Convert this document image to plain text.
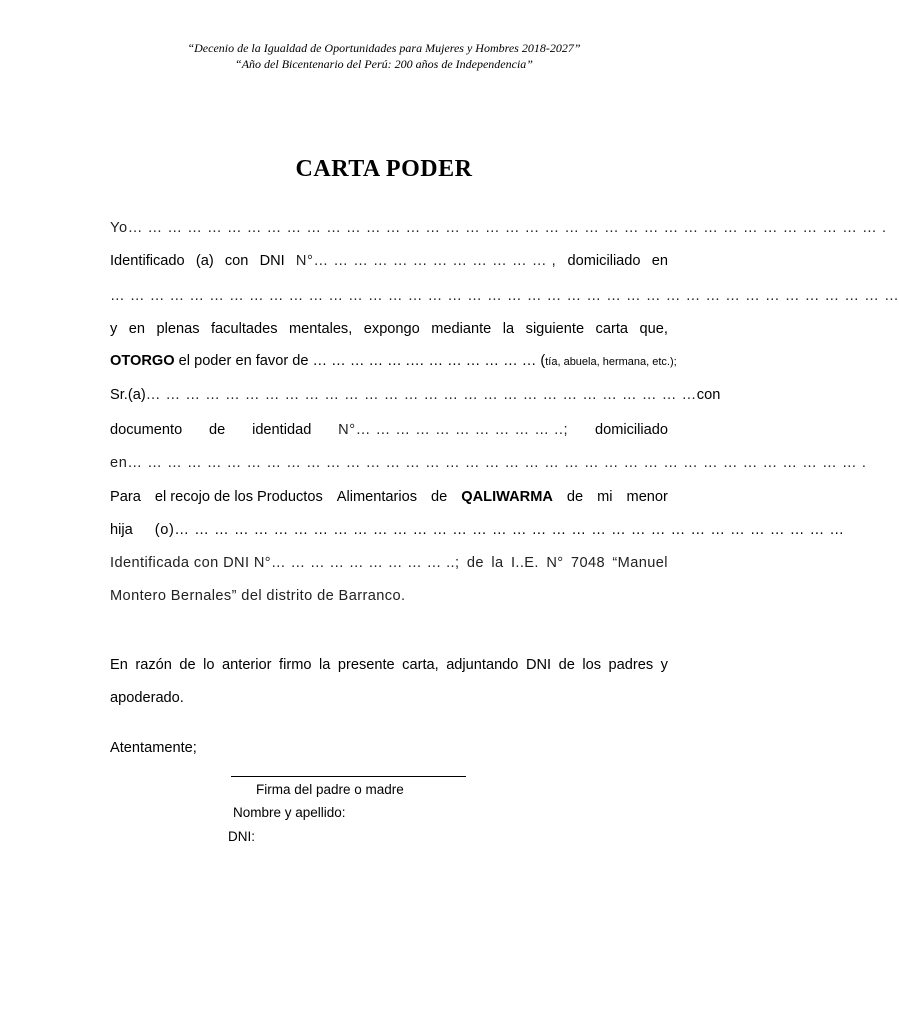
“Decenio de la Igualdad de Oportunidades para Mujeres y Hombres 2018-2027”
“Año del Bicentenario del Perú: 200 años de Independencia”
CARTA PODER
Yo… … … … … … … … … … … … … … … … … … … … … … … … … … … … … … … … … … … … … … .
Identificado (a) con DNI N°… … … … … … … … … … … … , domiciliado en
… … … … … … … … … … … … … … … … … … … … … … … … … … … … … … … … … … … … … … … …
y en plenas facultades mentales, expongo mediante la siguiente carta que,
OTORGO el poder en favor de … … … … … .… … … … … … … (tía, abuela, hermana, etc.);
Sr. (a) … … … … … … … … … … … … … … … … … … … … … … … … … … … … con
documento de identidad N°… … … … … … … … … … ..; domiciliado
en… … … … … … … … … … … … … … … … … … … … … … … … … … … … … … … … … … … … … .
Para el recojo de los Productos Alimentarios de QALIWARMA de mi menor
hija (o)… … … … … … … … … … … … … … … … … … … … … … … … … … … … … … … … … …
Identificada con DNI N°… … … … … … … … … ..; de la I..E. N° 7048 “Manuel
Montero Bernales” del distrito de Barranco.
En razón de lo anterior firmo la presente carta, adjuntando DNI de los padres y
apoderado.
Atentamente;
Firma del padre o madre
Nombre y apellido:
DNI:
